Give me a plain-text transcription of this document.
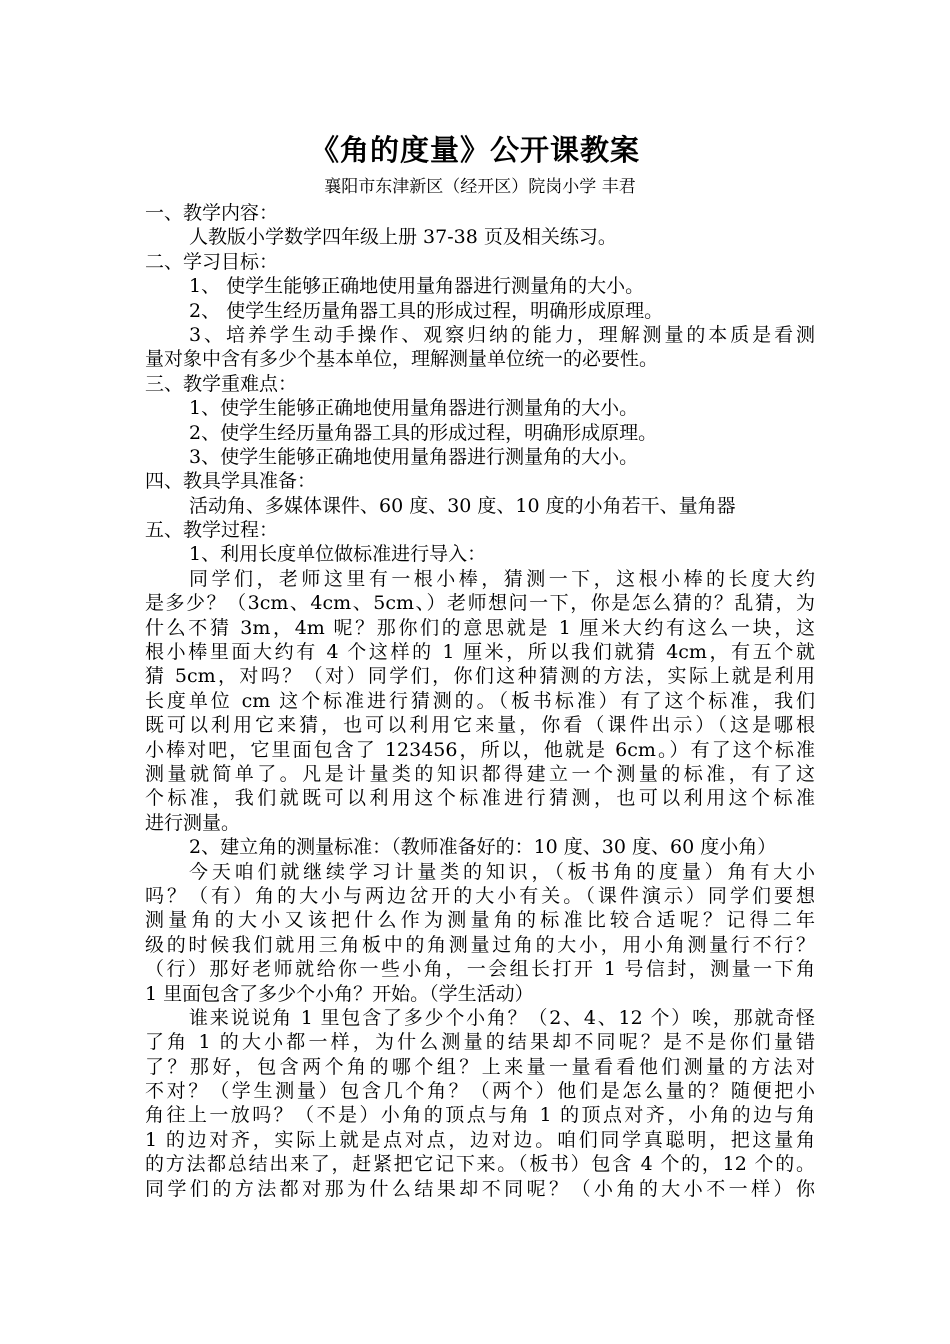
《角的度量》公开课教案
襄阳市东津新区（经开区）院岗小学 丰君
一、教学内容：
人教版小学数学四年级上册 37-38 页及相关练习。
二、学习目标：
1、 使学生能够正确地使用量角器进行测量角的大小。
2、 使学生经历量角器工具的形成过程，明确形成原理。
3、培养学生动手操作、观察归纳的能力，理解测量的本质是看测
量对象中含有多少个基本单位，理解测量单位统一的必要性。
三、教学重难点：
1、使学生能够正确地使用量角器进行测量角的大小。
2、使学生经历量角器工具的形成过程，明确形成原理。
3、使学生能够正确地使用量角器进行测量角的大小。
四、教具学具准备：
活动角、多媒体课件、60 度、30 度、10 度的小角若干、量角器
五、教学过程：
1、利用长度单位做标准进行导入：
同学们，老师这里有一根小棒，猜测一下，这根小棒的长度大约
是多少？（3cm、4cm、5cm、）老师想问一下，你是怎么猜的？乱猜，为
什么不猜 3m，4m 呢？那你们的意思就是 1 厘米大约有这么一块，这
根小棒里面大约有 4 个这样的 1 厘米，所以我们就猜 4cm，有五个就
猜 5cm，对吗？（对）同学们，你们这种猜测的方法，实际上就是利用
长度单位 cm 这个标准进行猜测的。（板书标准）有了这个标准，我们
既可以利用它来猜，也可以利用它来量，你看（课件出示）（这是哪根
小棒对吧，它里面包含了 123456，所以，他就是 6cm。）有了这个标准
测量就简单了。凡是计量类的知识都得建立一个测量的标准，有了这
个标准，我们就既可以利用这个标准进行猜测，也可以利用这个标准
进行测量。
2、建立角的测量标准：（教师准备好的：10 度、30 度、60 度小角）
今天咱们就继续学习计量类的知识，（板书角的度量）角有大小
吗？（有）角的大小与两边岔开的大小有关。（课件演示）同学们要想
测量角的大小又该把什么作为测量角的标准比较合适呢？记得二年
级的时候我们就用三角板中的角测量过角的大小，用小角测量行不行？
（行）那好老师就给你一些小角，一会组长打开 1 号信封，测量一下角
1 里面包含了多少个小角？开始。（学生活动）
谁来说说角 1 里包含了多少个小角？（2、4、12 个）唉，那就奇怪
了角 1 的大小都一样，为什么测量的结果却不同呢？是不是你们量错
了？那好，包含两个角的哪个组？上来量一量看看他们测量的方法对
不对？（学生测量）包含几个角？（两个）他们是怎么量的？随便把小
角往上一放吗？（不是）小角的顶点与角 1 的顶点对齐，小角的边与角
1 的边对齐，实际上就是点对点，边对边。咱们同学真聪明，把这量角
的方法都总结出来了，赶紧把它记下来。（板书）包含 4 个的，12 个的。
同学们的方法都对那为什么结果却不同呢？（小角的大小不一样）你
